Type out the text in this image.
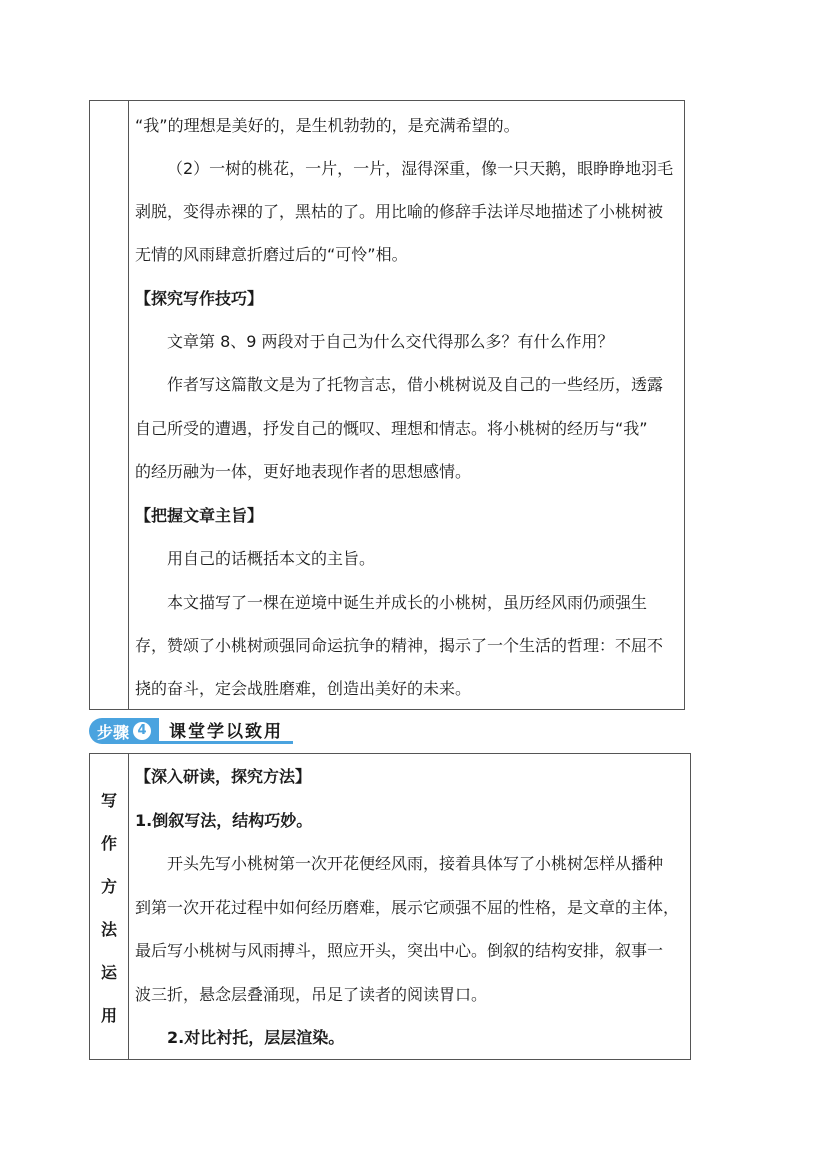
“我”的理想是美好的，是生机勃勃的，是充满希望的。
（2）一树的桃花，一片，一片，湿得深重，像一只天鹅，眼睁睁地羽毛
剥脱，变得赤裸的了，黑枯的了。用比喻的修辞手法详尽地描述了小桃树被
无情的风雨肆意折磨过后的“可怜”相。
【探究写作技巧】
文章第 8、9 两段对于自己为什么交代得那么多？有什么作用？
作者写这篇散文是为了托物言志，借小桃树说及自己的一些经历，透露
自己所受的遭遇，抒发自己的慨叹、理想和情志。将小桃树的经历与“我”
的经历融为一体，更好地表现作者的思想感情。
【把握文章主旨】
用自己的话概括本文的主旨。
本文描写了一棵在逆境中诞生并成长的小桃树，虽历经风雨仍顽强生
存，赞颂了小桃树顽强同命运抗争的精神，揭示了一个生活的哲理：不屈不
挠的奋斗，定会战胜磨难，创造出美好的未来。
步骤 4	课堂学以致用
写
作
方
法
运
用
【深入研读，探究方法】
1.倒叙写法，结构巧妙。
开头先写小桃树第一次开花便经风雨，接着具体写了小桃树怎样从播种
到第一次开花过程中如何经历磨难，展示它顽强不屈的性格，是文章的主体，
最后写小桃树与风雨搏斗，照应开头，突出中心。倒叙的结构安排，叙事一
波三折，悬念层叠涌现，吊足了读者的阅读胃口。
2.对比衬托，层层渲染。
